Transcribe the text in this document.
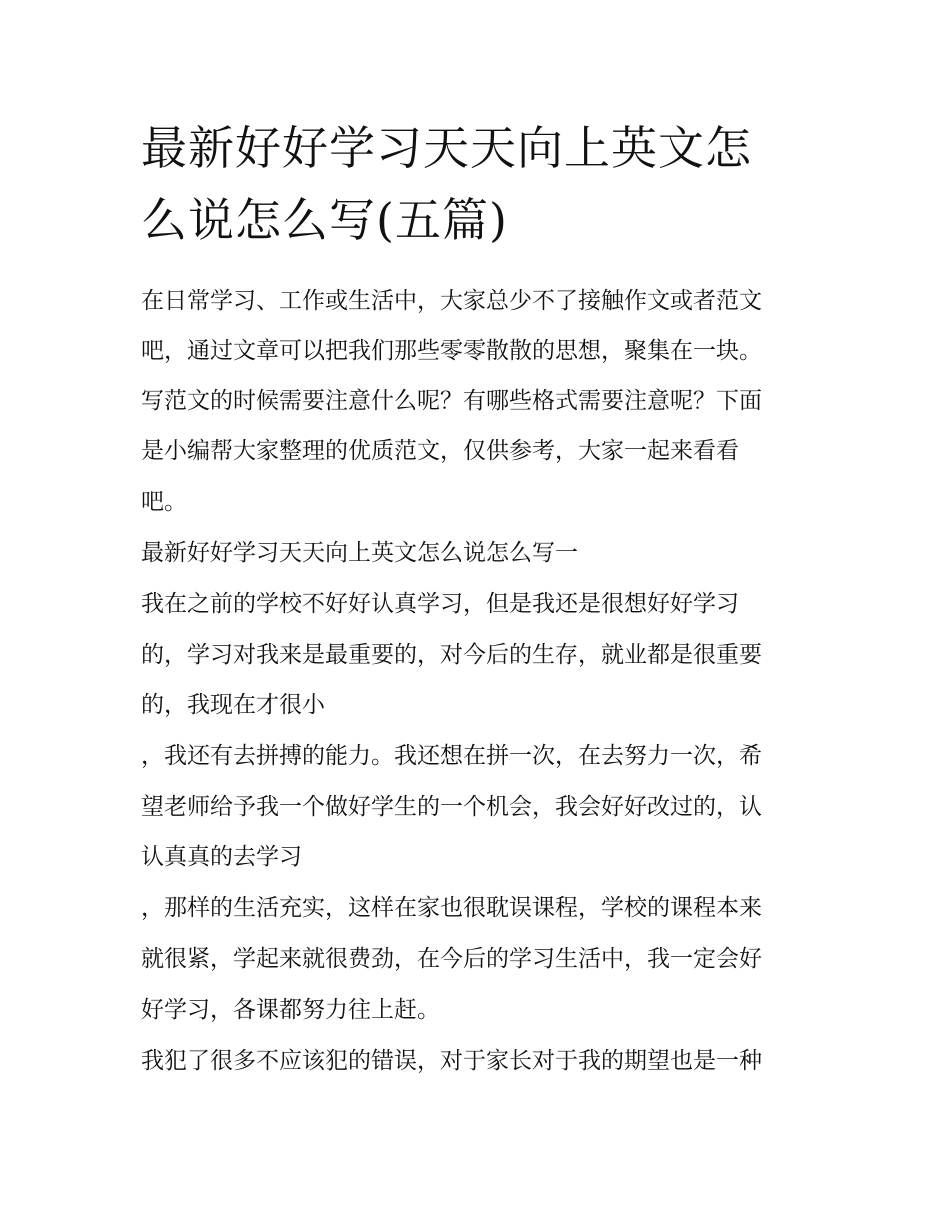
最新好好学习天天向上英文怎
么说怎么写(五篇)
在日常学习、工作或生活中，大家总少不了接触作文或者范文
吧，通过文章可以把我们那些零零散散的思想，聚集在一块。
写范文的时候需要注意什么呢？有哪些格式需要注意呢？下面
是小编帮大家整理的优质范文，仅供参考，大家一起来看看
吧。
最新好好学习天天向上英文怎么说怎么写一
我在之前的学校不好好认真学习，但是我还是很想好好学习
的，学习对我来是最重要的，对今后的生存，就业都是很重要
的，我现在才很小
，我还有去拼搏的能力。我还想在拼一次，在去努力一次，希
望老师给予我一个做好学生的一个机会，我会好好改过的，认
认真真的去学习
，那样的生活充实，这样在家也很耽误课程，学校的课程本来
就很紧，学起来就很费劲，在今后的学习生活中，我一定会好
好学习，各课都努力往上赶。
我犯了很多不应该犯的错误，对于家长对于我的期望也是一种
